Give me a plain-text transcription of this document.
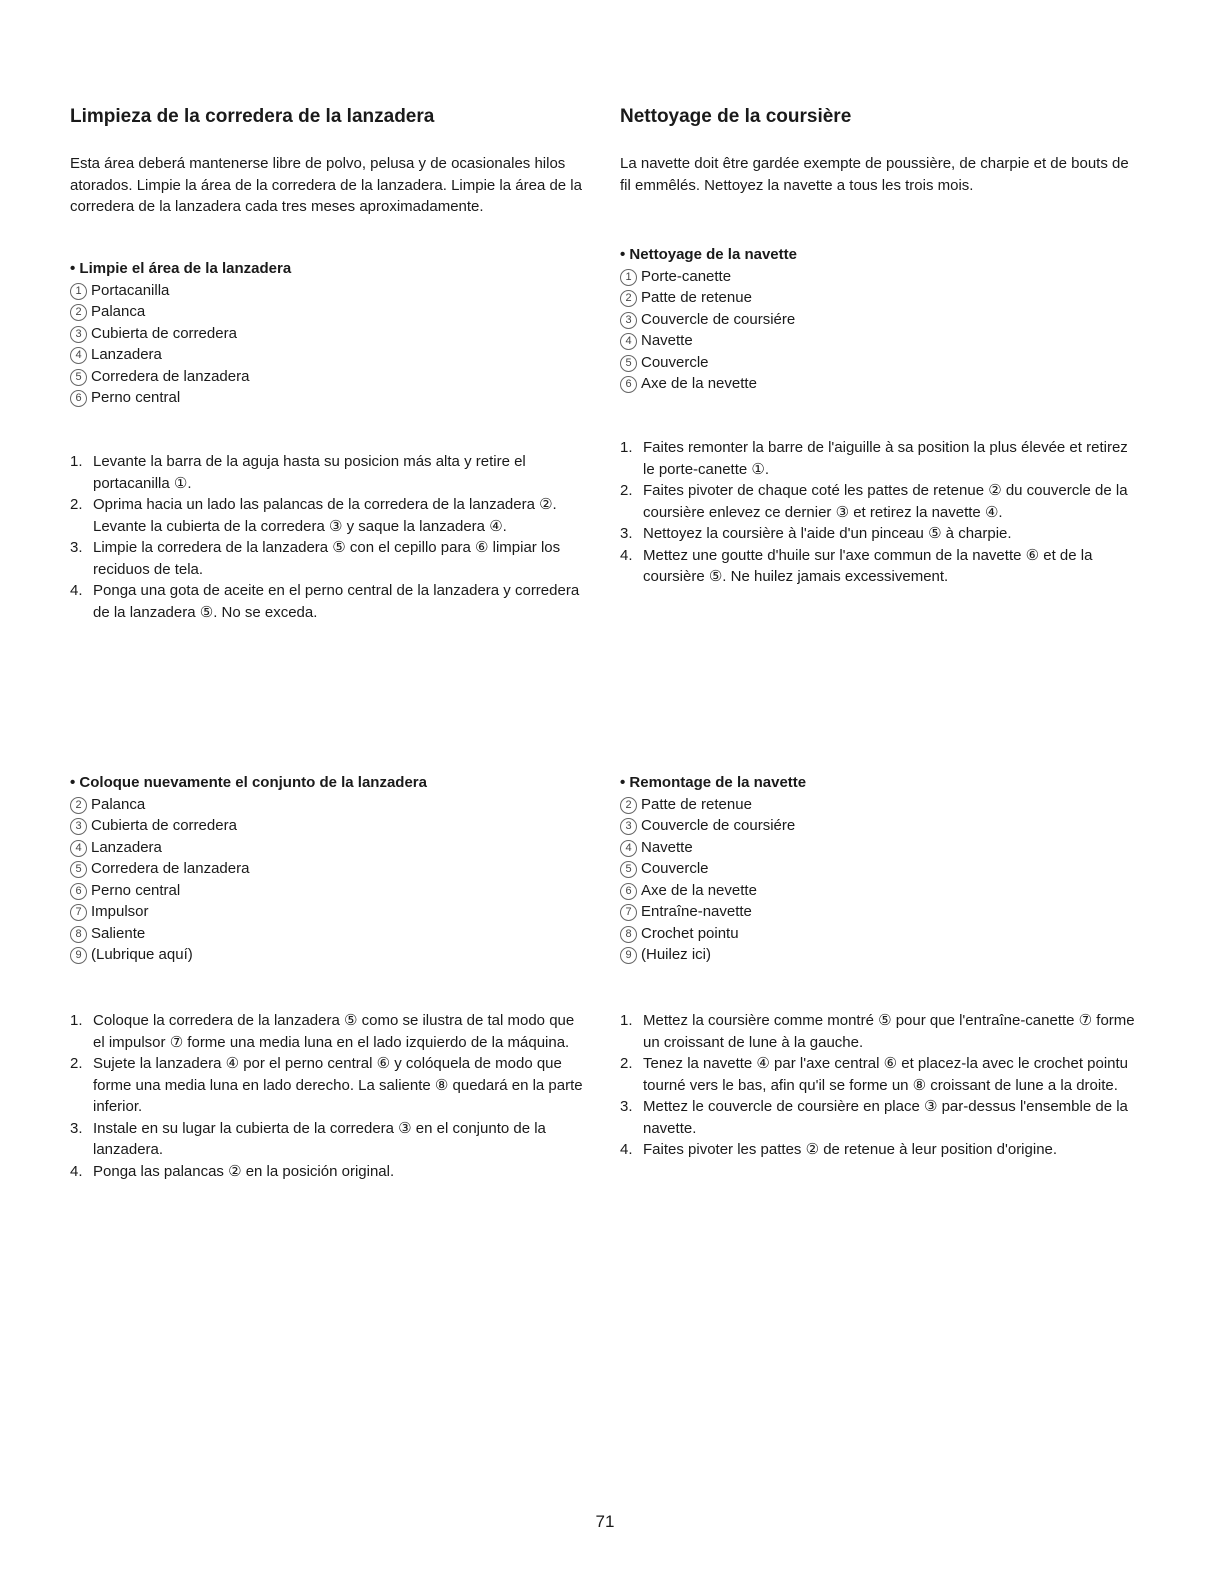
Limpieza de la corredera de la lanzadera

Esta área deberá mantenerse libre de polvo, pelusa y de ocasionales hilos atorados. Limpie la área de la corredera de la lanzadera. Limpie la área de la corredera de la lanzadera cada tres meses aproximadamente.

• Limpie el área de la lanzadera

1 Portacanilla
2 Palanca
3 Cubierta de corredera
4 Lanzadera
5 Corredera de lanzadera
6 Perno central
1. Levante la barra de la aguja hasta su posicion más alta y retire el portacanilla ①.
2. Oprima hacia un lado las palancas de la corredera de la lanzadera ②. Levante la cubierta de la corredera ③ y saque la lanzadera ④.
3. Limpie la corredera de la lanzadera ⑤ con el cepillo para ⑥ limpiar los reciduos de tela.
4. Ponga una gota de aceite en el perno central de la lanzadera y corredera de la lanzadera ⑤. No se exceda.

• Coloque nuevamente el conjunto de la lanzadera

2 Palanca
3 Cubierta de corredera
4 Lanzadera
5 Corredera de lanzadera
6 Perno central
7 Impulsor
8 Saliente
9 (Lubrique aquí)
1. Coloque la corredera de la lanzadera ⑤ como se ilustra de tal modo que el impulsor ⑦ forme una media luna en el lado izquierdo de la máquina.
2. Sujete la lanzadera ④ por el perno central ⑥ y colóquela de modo que forme una media luna en lado derecho. La saliente ⑧ quedará en la parte inferior.
3. Instale en su lugar la cubierta de la corredera ③ en el conjunto de la lanzadera.
4. Ponga las palancas ② en la posición original.
Nettoyage de la coursière

La navette doit être gardée exempte de poussière, de charpie et de bouts de fil emmêlés. Nettoyez la navette a tous les trois mois.

• Nettoyage de la navette

1 Porte-canette
2 Patte de retenue
3 Couvercle de coursiére
4 Navette
5 Couvercle
6 Axe de la nevette
1. Faites remonter la barre de l'aiguille à sa position la plus élevée et retirez le porte-canette ①.
2. Faites pivoter de chaque coté les pattes de retenue ② du couvercle de la coursière enlevez ce dernier ③ et retirez la navette ④.
3. Nettoyez la coursière à l'aide d'un pinceau ⑤ à charpie.
4. Mettez une goutte d'huile sur l'axe commun de la navette ⑥ et de la coursière ⑤. Ne huilez jamais excessivement.

• Remontage de la navette

2 Patte de retenue
3 Couvercle de coursiére
4 Navette
5 Couvercle
6 Axe de la nevette
7 Entraîne-navette
8 Crochet pointu
9 (Huilez ici)
1. Mettez la coursière comme montré ⑤ pour que l'entraîne-canette ⑦ forme un croissant de lune à la gauche.
2. Tenez la navette ④ par l'axe central ⑥ et placez-la avec le crochet pointu tourné vers le bas, afin qu'il se forme un ⑧ croissant de lune a la droite.
3. Mettez le couvercle de coursière en place ③ par-dessus l'ensemble de la navette.
4. Faites pivoter les pattes ② de retenue à leur position d'origine.
71
